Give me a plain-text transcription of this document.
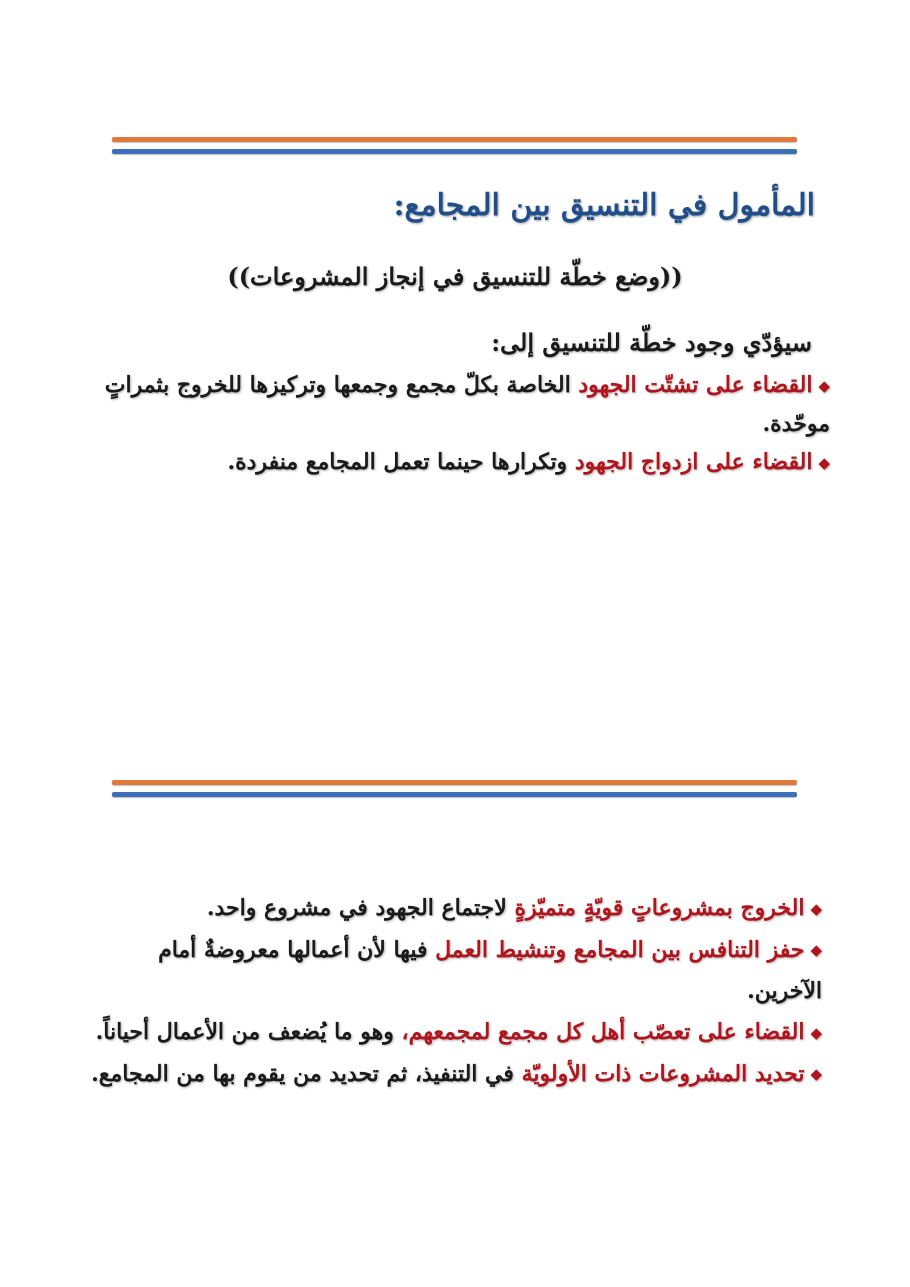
المأمول في التنسيق بين المجامع:
((وضع خطّة للتنسيق في إنجاز المشروعات))
سيؤدّي وجود خطّة للتنسيق إلى:
◆القضاء على تشتّت الجهود الخاصة بكلّ مجمع وجمعها وتركيزها للخروج بثمراتٍ موحّدة.
◆القضاء على ازدواج الجهود وتكرارها حينما تعمل المجامع منفردة.
◆الخروج بمشروعاتٍ قويّةٍ متميّزةٍ لاجتماع الجهود في مشروع واحد.
◆حفز التنافس بين المجامع وتنشيط العمل فيها لأن أعمالها معروضةٌ أمام الآخرين.
◆القضاء على تعصّب أهل كل مجمع لمجمعهم، وهو ما يُضعف من الأعمال أحياناً.
◆تحديد المشروعات ذات الأولويّة في التنفيذ، ثم تحديد من يقوم بها من المجامع.
